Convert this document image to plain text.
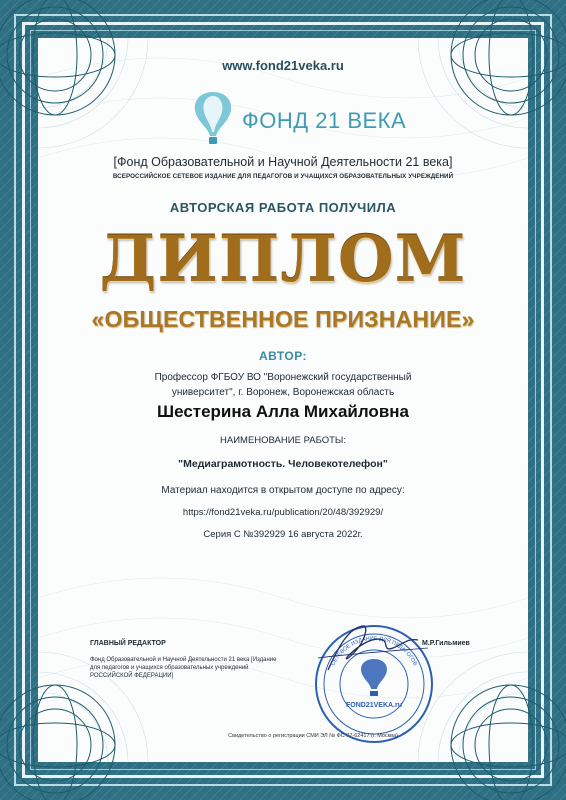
www.fond21veka.ru
ФОНД 21 ВЕКА
[Фонд Образовательной и Научной Деятельности 21 века]
ВСЕРОССИЙСКОЕ СЕТЕВОЕ ИЗДАНИЕ ДЛЯ ПЕДАГОГОВ И УЧАЩИХСЯ ОБРАЗОВАТЕЛЬНЫХ УЧРЕЖДЕНИЙ
АВТОРСКАЯ РАБОТА ПОЛУЧИЛА
ДИПЛОМ
«ОБЩЕСТВЕННОЕ ПРИЗНАНИЕ»
АВТОР:
Профессор ФГБОУ ВО "Воронежский государственный университет", г. Воронеж, Воронежская область
Шестерина Алла Михайловна
НАИМЕНОВАНИЕ РАБОТЫ:
"Медиаграмотность. Человекотелефон"
Материал находится в открытом доступе по адресу:
https://fond21veka.ru/publication/20/48/392929/
Серия С №392929 16 августа 2022г.
ГЛАВНЫЙ РЕДАКТОР
Фонд Образовательной и Научной Деятельности 21 века [Издание для педагогов и учащихся образовательных учреждений РОССИЙСКОЙ ФЕДЕРАЦИИ]
М.Р.Гильмиев
FOND21VEKA.ru
СЕТЕВОЕ ИЗДАНИЕ ДЛЯ ПЕДАГОГОВ
Свидетельство о регистрации СМИ ЭЛ № ФС 77-62417 (г. Москва)
